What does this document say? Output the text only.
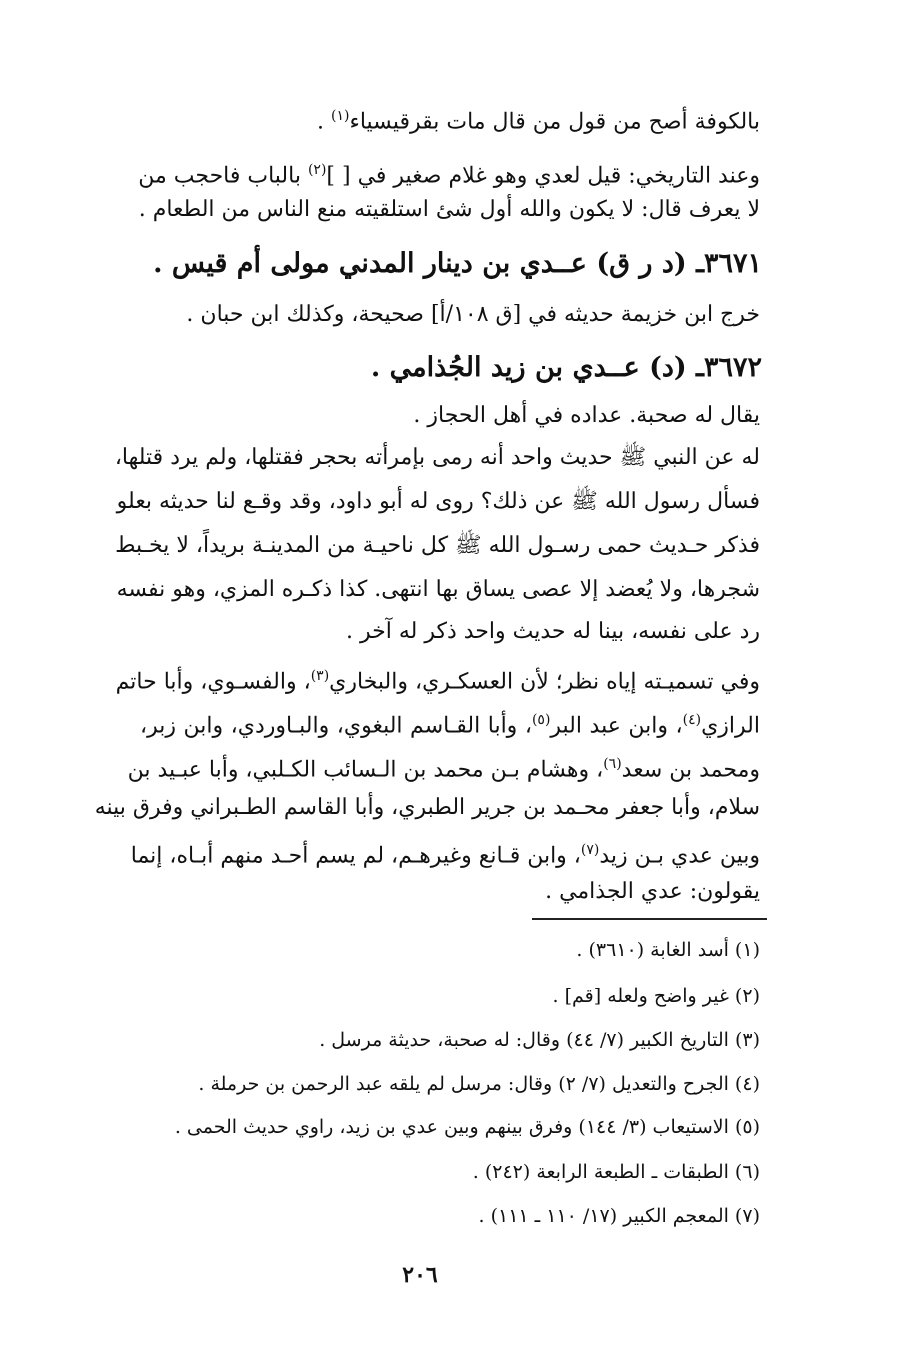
بالكوفة أصح من قول من قال مات بقرقيسياء$^{(١)}$ .
وعند التاريخي: قيل لعدي وهو غلام صغير في [ ]$^{(٢)}$ بالباب فاحجب من
لا يعرف قال: لا يكون والله أول شئ استلقيته منع الناس من الطعام .
٣٦٧١ـ (د ر ق) عــدي بن دينار المدني مولى أم قيس .
خرج ابن خزيمة حديثه في [ق ١٠٨/أ] صحيحة، وكذلك ابن حبان .
٣٦٧٢ـ (د) عــدي بن زيد الجُذامي .
يقال له صحبة. عداده في أهل الحجاز .
له عن النبي ﷺ حديث واحد أنه رمى بإمرأته بحجر فقتلها، ولم يرد قتلها،
فسأل رسول الله ﷺ عن ذلك؟ روى له أبو داود، وقد وقـع لنا حديثه بعلو
فذكر حـديث حمى رسـول الله ﷺ كل ناحيـة من المدينـة بريداً، لا يخـبط
شجرها، ولا يُعضد إلا عصى يساق بها انتهى. كذا ذكـره المزي، وهو نفسه
رد على نفسه، بينا له حديث واحد ذكر له آخر .
وفي تسميـته إياه نظر؛ لأن العسكـري، والبخاري$^{(٣)}$، والفسـوي، وأبا حاتم
الرازي$^{(٤)}$، وابن عبد البر$^{(٥)}$، وأبا القـاسم البغوي، والبـاوردي، وابن زبر،
ومحمد بن سعد$^{(٦)}$، وهشام بـن محمد بن الـسائب الكـلبي، وأبا عبـيد بن
سلام، وأبا جعفر محـمد بن جرير الطبري، وأبا القاسم الطـبراني وفرق بينه
وبين عدي بـن زيد$^{(٧)}$، وابن قـانع وغيرهـم، لم يسم أحـد منهم أبـاه، إنما
يقولون: عدي الجذامي .
(١) أسد الغابة (٣٦١٠) .
(٢) غير واضح ولعله [قم] .
(٣) التاريخ الكبير (٧/ ٤٤) وقال: له صحبة، حديثة مرسل .
(٤) الجرح والتعديل (٧/ ٢) وقال: مرسل لم يلقه عبد الرحمن بن حرملة .
(٥) الاستيعاب (٣/ ١٤٤) وفرق بينهم وبين عدي بن زيد، راوي حديث الحمى .
(٦) الطبقات ـ الطبعة الرابعة (٢٤٢) .
(٧) المعجم الكبير (١٧/ ١١٠ ـ ١١١) .
٢٠٦
